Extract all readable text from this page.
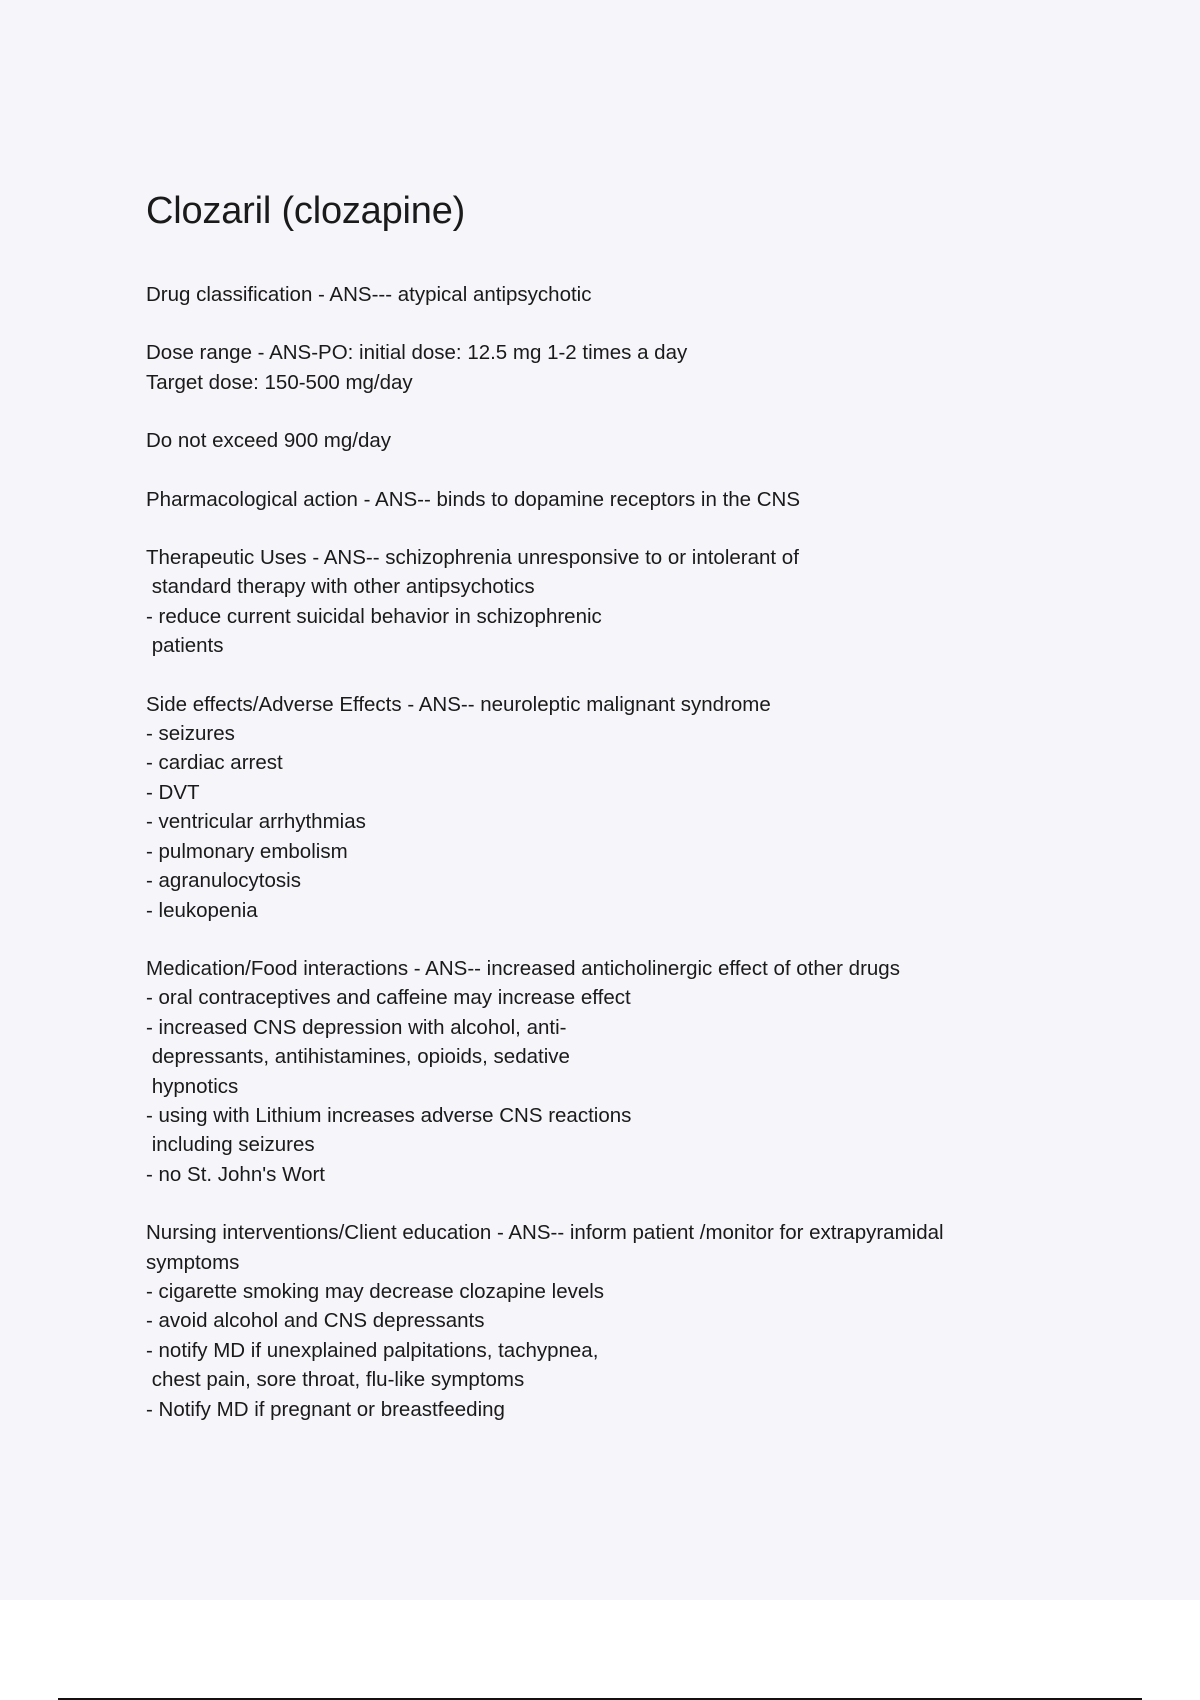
Clozaril (clozapine)

Drug classification - ANS--- atypical antipsychotic

Dose range - ANS-PO: initial dose: 12.5 mg 1-2 times a day

Target dose: 150-500 mg/day

Do not exceed 900 mg/day

Pharmacological action - ANS-- binds to dopamine receptors in the CNS

Therapeutic Uses - ANS-- schizophrenia unresponsive to or intolerant of

standard therapy with other antipsychotics

- reduce current suicidal behavior in schizophrenic

patients

Side effects/Adverse Effects - ANS-- neuroleptic malignant syndrome

- seizures

- cardiac arrest

- DVT

- ventricular arrhythmias

- pulmonary embolism

- agranulocytosis

- leukopenia

Medication/Food interactions - ANS-- increased anticholinergic effect of other drugs

- oral contraceptives and caffeine may increase effect

- increased CNS depression with alcohol, anti-

depressants, antihistamines, opioids, sedative

hypnotics

- using with Lithium increases adverse CNS reactions

including seizures

- no St. John's Wort

Nursing interventions/Client education - ANS-- inform patient /monitor for extrapyramidal

symptoms

- cigarette smoking may decrease clozapine levels

- avoid alcohol and CNS depressants

- notify MD if unexplained palpitations, tachypnea,

chest pain, sore throat, flu-like symptoms

- Notify MD if pregnant or breastfeeding
